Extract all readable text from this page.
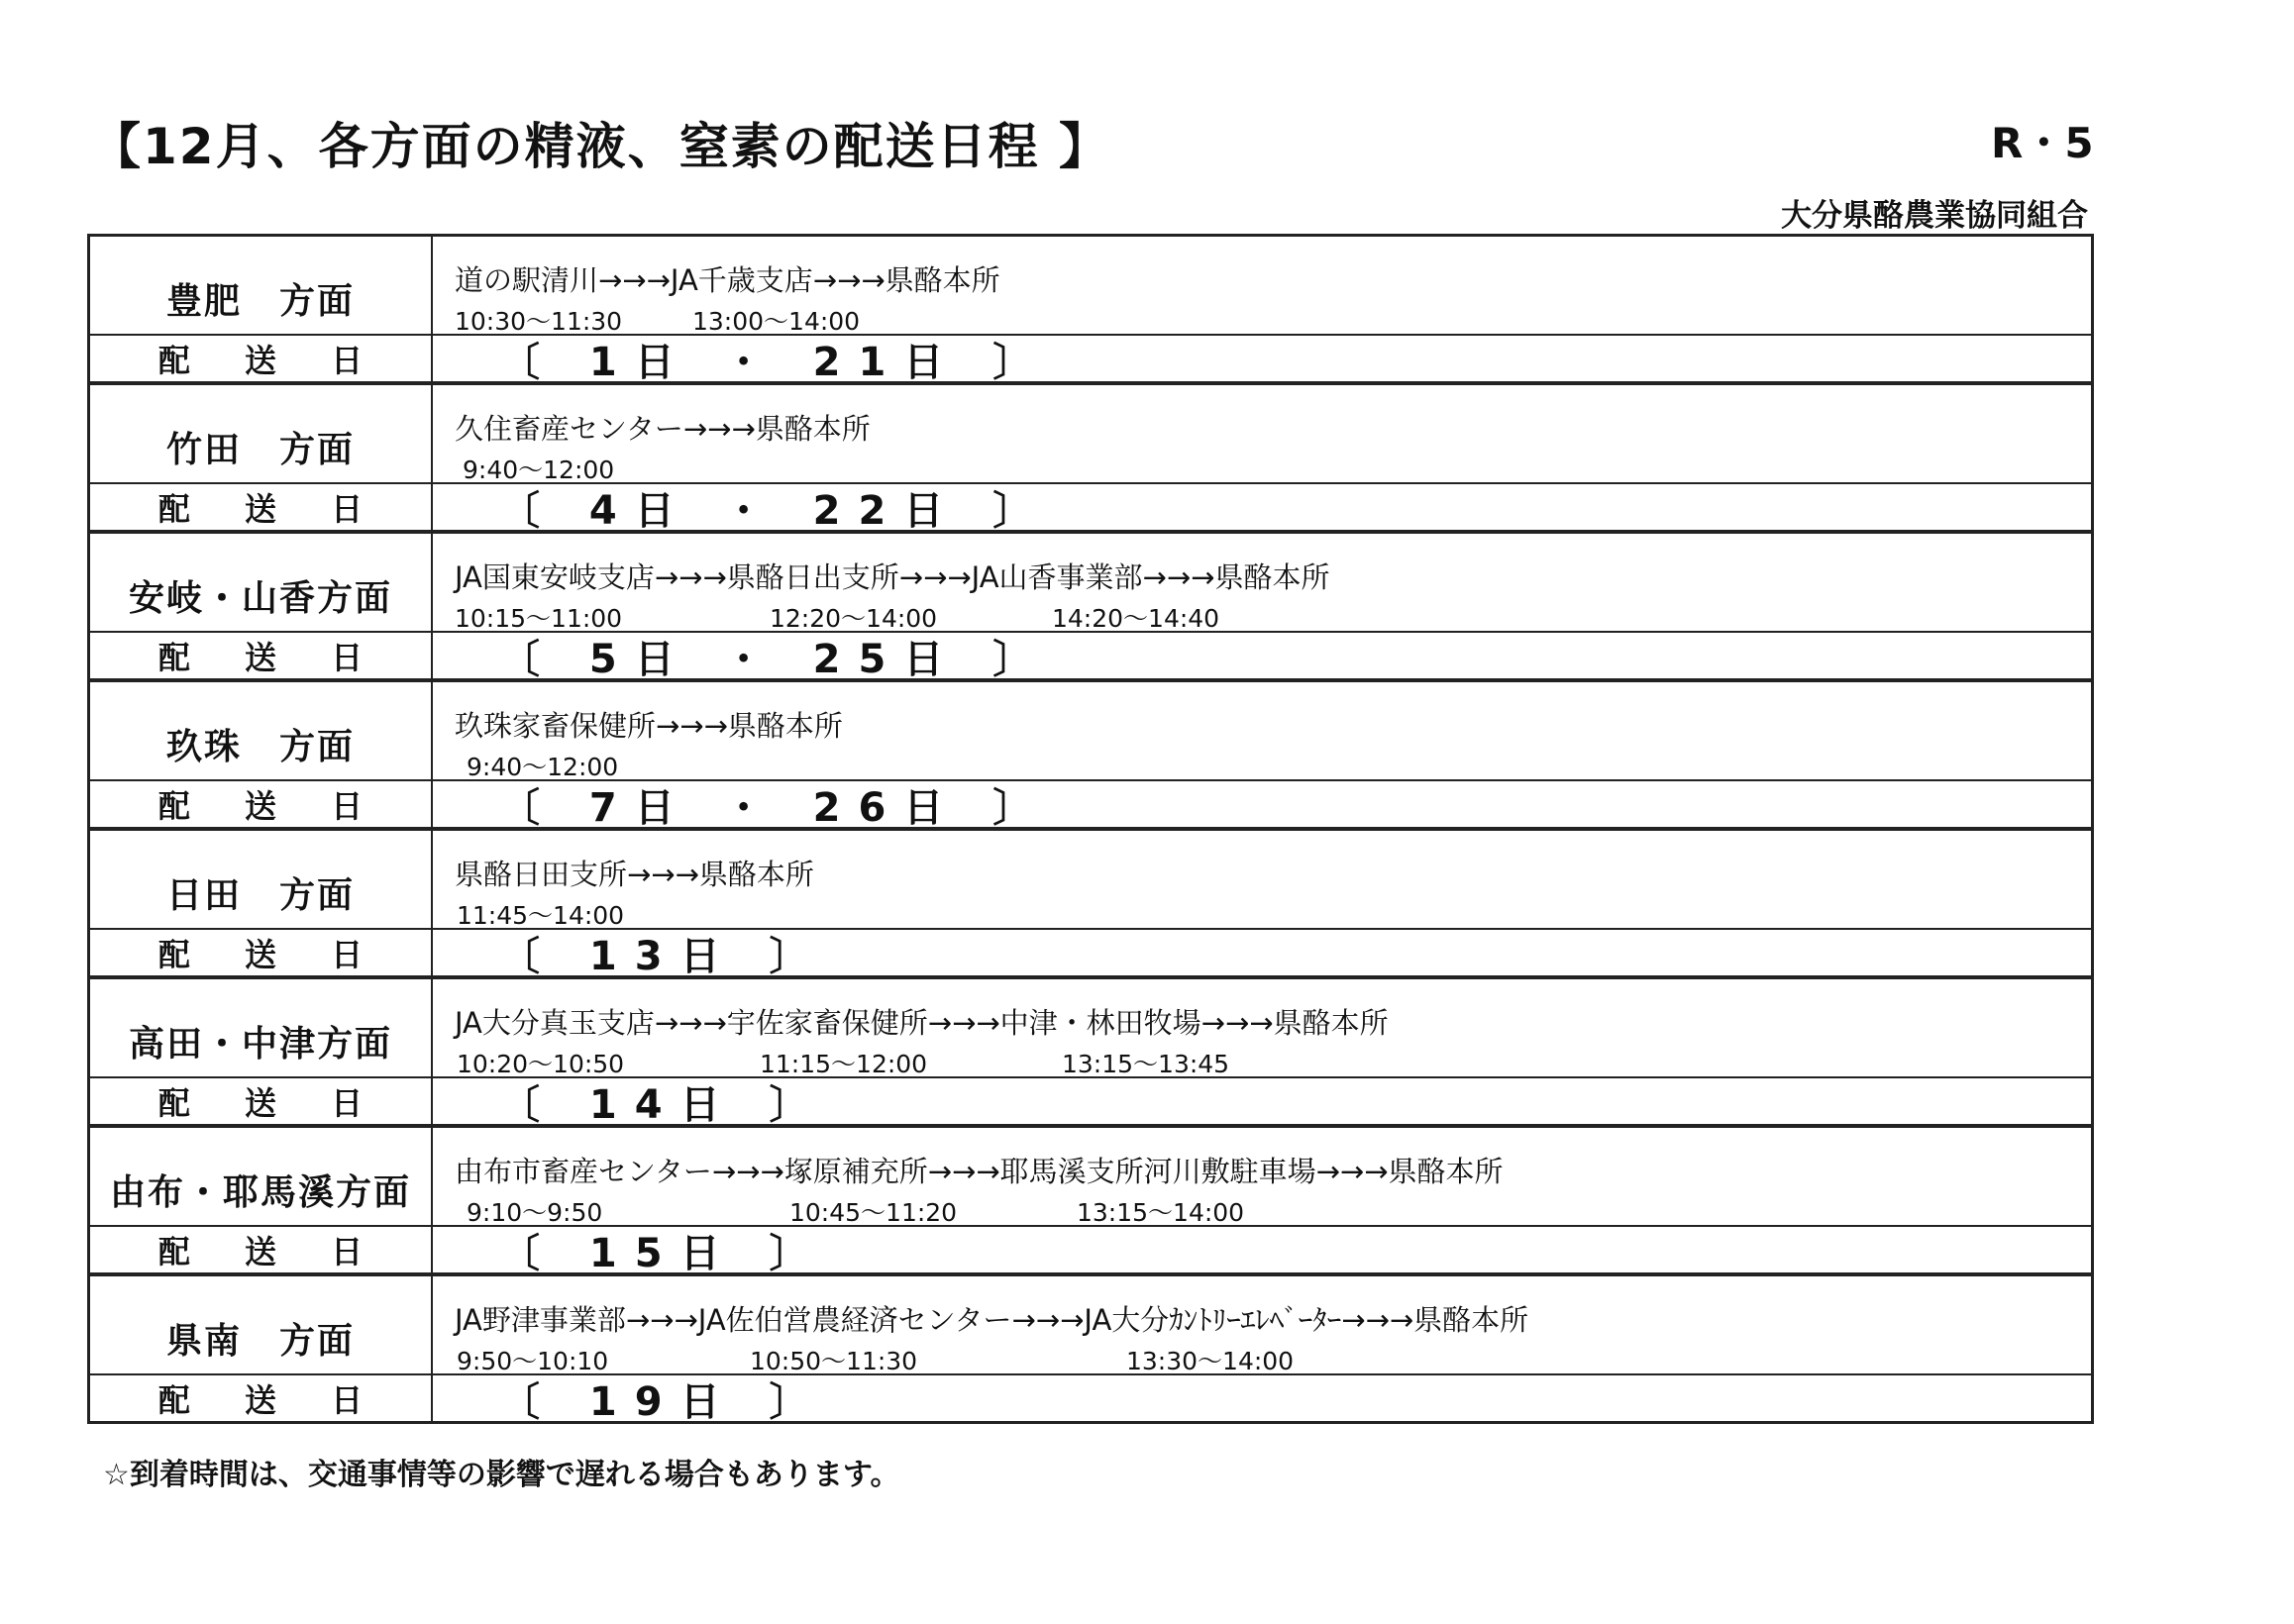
【12月、各方面の精液、窒素の配送日程 】	R・5
大分県酪農業協同組合
豊肥　方面
道の駅清川→→→JA千歳支店→→→県酪本所
10:30～11:30	13:00～14:00
配 送 日	〔 1日 ・ 21日 〕
竹田　方面
久住畜産センター→→→県酪本所
9:40～12:00
配 送 日	〔 4日 ・ 22日 〕
安岐・山香方面
JA国東安岐支店→→→県酪日出支所→→→JA山香事業部→→→県酪本所
10:15～11:00	12:20～14:00	14:20～14:40
配 送 日	〔 5日 ・ 25日 〕
玖珠　方面
玖珠家畜保健所→→→県酪本所
9:40～12:00
配 送 日	〔 7日 ・ 26日 〕
日田　方面
県酪日田支所→→→県酪本所
11:45～14:00
配 送 日	〔 13日 〕
高田・中津方面
JA大分真玉支店→→→宇佐家畜保健所→→→中津・林田牧場→→→県酪本所
10:20～10:50	11:15～12:00	13:15～13:45
配 送 日	〔 14日 〕
由布・耶馬溪方面
由布市畜産センター→→→塚原補充所→→→耶馬溪支所河川敷駐車場→→→県酪本所
9:10～9:50	10:45～11:20	13:15～14:00
配 送 日	〔 15日 〕
県南　方面
JA野津事業部→→→JA佐伯営農経済センター→→→JA大分ｶﾝﾄﾘｰｴﾚﾍﾞｰﾀｰ→→→県酪本所
9:50～10:10	10:50～11:30	13:30～14:00
配 送 日	〔 19日 〕
☆到着時間は、交通事情等の影響で遅れる場合もあります。
